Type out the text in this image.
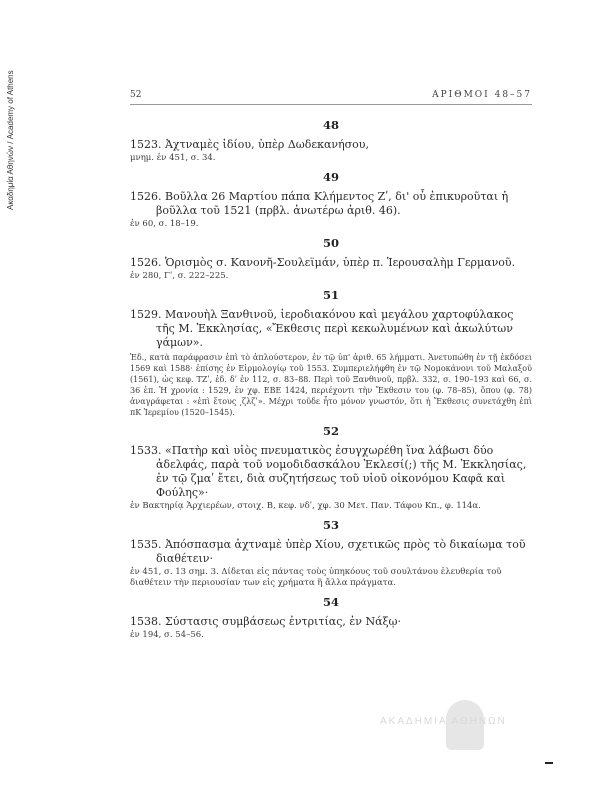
Ακαδημία Αθηνών / Academy of Athens	52	ΑΡΙΘΜΟΙ 48–57
48

1523. Ἀχτναμὲς ἰδίου, ὑπὲρ Δωδεκανήσου,

μνημ. ἐν 451, σ. 34.

49

1526. Βοῦλλα 26 Μαρτίου πάπα Κλήμεντος Ζʹ, δι' οὗ ἐπικυροῦται ἡ βοῦλλα τοῦ 1521 (πρβλ. ἀνωτέρω ἀριθ. 46).

ἐν 60, σ. 18–19.

50

1526. Ὁρισμὸς σ. Κανονῆ-Σουλεϊμάν, ὑπὲρ π. Ἱερουσαλὴμ Γερμανοῦ.

ἐν 280, Γʹ, σ. 222–225.

51

1529. Μανουὴλ Ξανθινοῦ, ἱεροδιακόνου καὶ μεγάλου χαρτοφύλακος τῆς Μ. Ἐκκλησίας, «Ἔκθεσις περὶ κεκωλυμένων καὶ ἀκωλύτων γάμων».

Ἐδ., κατὰ παράφρασιν ἐπὶ τὸ ἁπλούστερον, ἐν τῷ ὑπ' ἀριθ. 65 λήμματι. Ἀνετυπώθη ἐν τῇ ἐκδόσει 1569 καὶ 1588· ἐπίσης ἐν Εἰρμολογίῳ τοῦ 1553. Συμπεριελήφθη ἐν τῷ Νομοκάνονι τοῦ Μαλαξοῦ (1561), ὡς κεφ. ΤΖʹ, ἐδ. δʹ ἐν 112, σ. 83–88. Περὶ τοῦ Ξανθινοῦ, πρβλ. 332, σ. 190–193 καὶ 66, σ. 36 ἑπ. Ἡ χρονία : 1529, ἐν χφ. ΕΒΕ 1424, περιέχοντι τὴν Ἔκθεσιν του (φ. 78–85), ὅπου (φ. 78) ἀναγράφεται : «ἐπὶ ἔτους ͵ζλζʹ». Μέχρι τοῦδε ἦτο μόνον γνωστόν, ὅτι ἡ Ἔκθεσις συνετάχθη ἐπὶ πΚ Ἱερεμίου (1520–1545).

52

1533. «Πατὴρ καὶ υἱὸς πνευματικὸς ἐσυγχωρέθη ἵνα λάβωσι δύο ἀδελφάς, παρὰ τοῦ νομοδιδασκάλου Ἐκλεσί(;) τῆς Μ. Ἐκκλησίας, ἐν τῷ ζμαʹ ἔτει, διὰ συζητήσεως τοῦ υἱοῦ οἰκονόμου Καφᾶ καὶ Φούλης»·

ἐν Βακτηρίᾳ Ἀρχιερέων, στοιχ. Β, κεφ. νδʹ, χφ. 30 Μετ. Παν. Τάφου Κπ., φ. 114α.

53

1535. Ἀπόσπασμα ἀχτναμὲ ὑπὲρ Χίου, σχετικῶς πρὸς τὸ δικαίωμα τοῦ διαθέτειν·

ἐν 451, σ. 13 σημ. 3. Δίδεται εἰς πάντας τοὺς ὑπηκόους τοῦ σουλτάνου ἐλευθερία τοῦ διαθέτειν τὴν περιουσίαν των εἰς χρήματα ἢ ἄλλα πράγματα.

54

1538. Σύστασις συμβάσεως ἐντριτίας, ἐν Νάξῳ·

ἐν 194, σ. 54–56.

ΑΚΑΔΗΜΙΑ ΑΘΗΝΩΝ
